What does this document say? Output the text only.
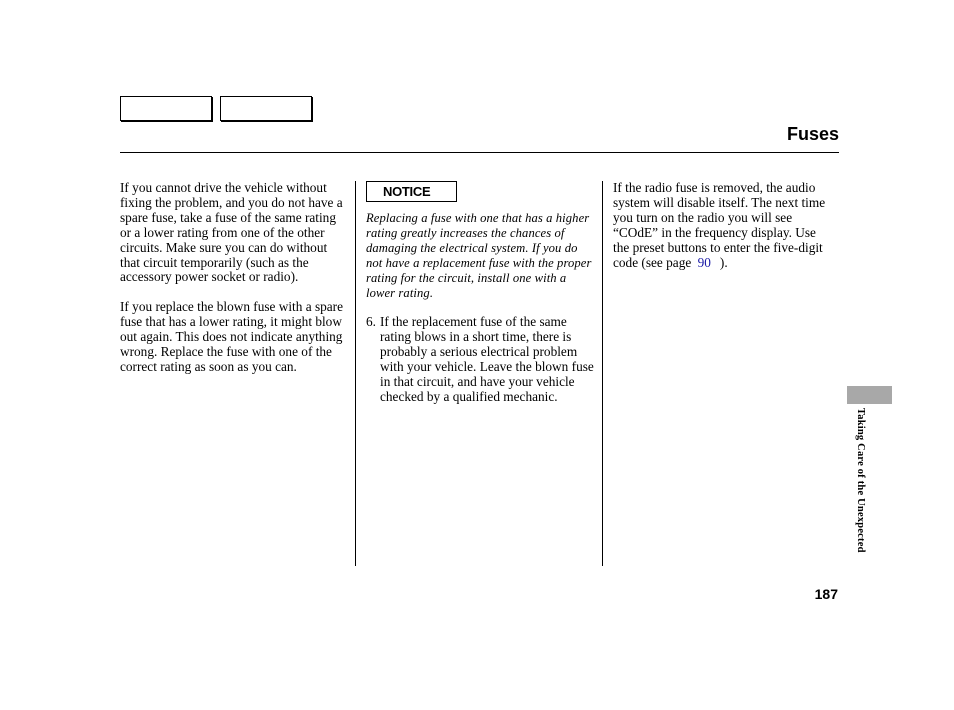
Fuses

If you cannot drive the vehicle without fixing the problem, and you do not have a spare fuse, take a fuse of the same rating or a lower rating from one of the other circuits. Make sure you can do without that circuit temporarily (such as the accessory power socket or radio).

If you replace the blown fuse with a spare fuse that has a lower rating, it might blow out again. This does not indicate anything wrong. Replace the fuse with one of the correct rating as soon as you can.

NOTICE

Replacing a fuse with one that has a higher rating greatly increases the chances of damaging the electrical system. If you do not have a replacement fuse with the proper rating for the circuit, install one with a lower rating.

6. If the replacement fuse of the same rating blows in a short time, there is probably a serious electrical problem with your vehicle. Leave the blown fuse in that circuit, and have your vehicle checked by a qualified mechanic.

If the radio fuse is removed, the audio system will disable itself. The next time you turn on the radio you will see “COdE” in the frequency display. Use the preset buttons to enter the five-digit code (see page 90 ).

Taking Care of the Unexpected
187
